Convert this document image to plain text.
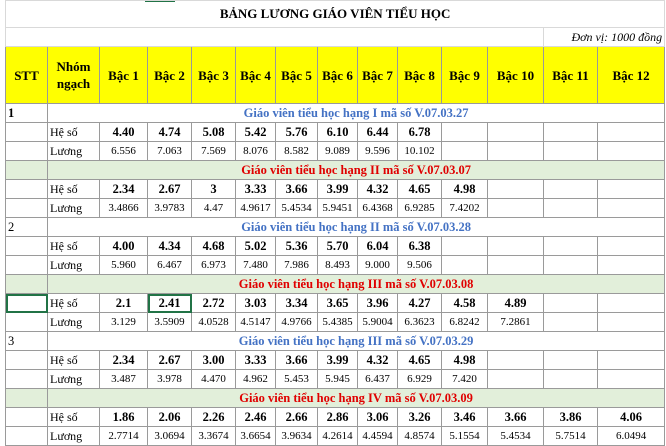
BẢNG LƯƠNG GIÁO VIÊN TIỂU HỌC													
												Đơn vị: 1000 đồng	
STT	Nhóm ngạch	Bậc 1	Bậc 2	Bậc 3	Bậc 4	Bậc 5	Bậc 6	Bậc 7	Bậc 8	Bậc 9	Bậc 10	Bậc 11	Bậc 12
1	Giáo viên tiểu học hạng I mã số V.07.03.27												
	Hệ số	4.40	4.74	5.08	5.42	5.76	6.10	6.44	6.78				
	Lương	6.556	7.063	7.569	8.076	8.582	9.089	9.596	10.102				
	Giáo viên tiểu học hạng II mã số V.07.03.07												
	Hệ số	2.34	2.67	3	3.33	3.66	3.99	4.32	4.65	4.98			
	Lương	3.4866	3.9783	4.47	4.9617	5.4534	5.9451	6.4368	6.9285	7.4202			
2	Giáo viên tiểu học hạng II mã số V.07.03.28												
	Hệ số	4.00	4.34	4.68	5.02	5.36	5.70	6.04	6.38				
	Lương	5.960	6.467	6.973	7.480	7.986	8.493	9.000	9.506				
	Giáo viên tiểu học hạng III mã số V.07.03.08												
	Hệ số	2.1	2.41	2.72	3.03	3.34	3.65	3.96	4.27	4.58	4.89		
	Lương	3.129	3.5909	4.0528	4.5147	4.9766	5.4385	5.9004	6.3623	6.8242	7.2861		
3	Giáo viên tiểu học hạng III mã số V.07.03.29												
	Hệ số	2.34	2.67	3.00	3.33	3.66	3.99	4.32	4.65	4.98			
	Lương	3.487	3.978	4.470	4.962	5.453	5.945	6.437	6.929	7.420			
	Giáo viên tiểu học hạng IV mã số V.07.03.09												
	Hệ số	1.86	2.06	2.26	2.46	2.66	2.86	3.06	3.26	3.46	3.66	3.86	4.06
	Lương	2.7714	3.0694	3.3674	3.6654	3.9634	4.2614	4.4594	4.8574	5.1554	5.4534	5.7514	6.0494
